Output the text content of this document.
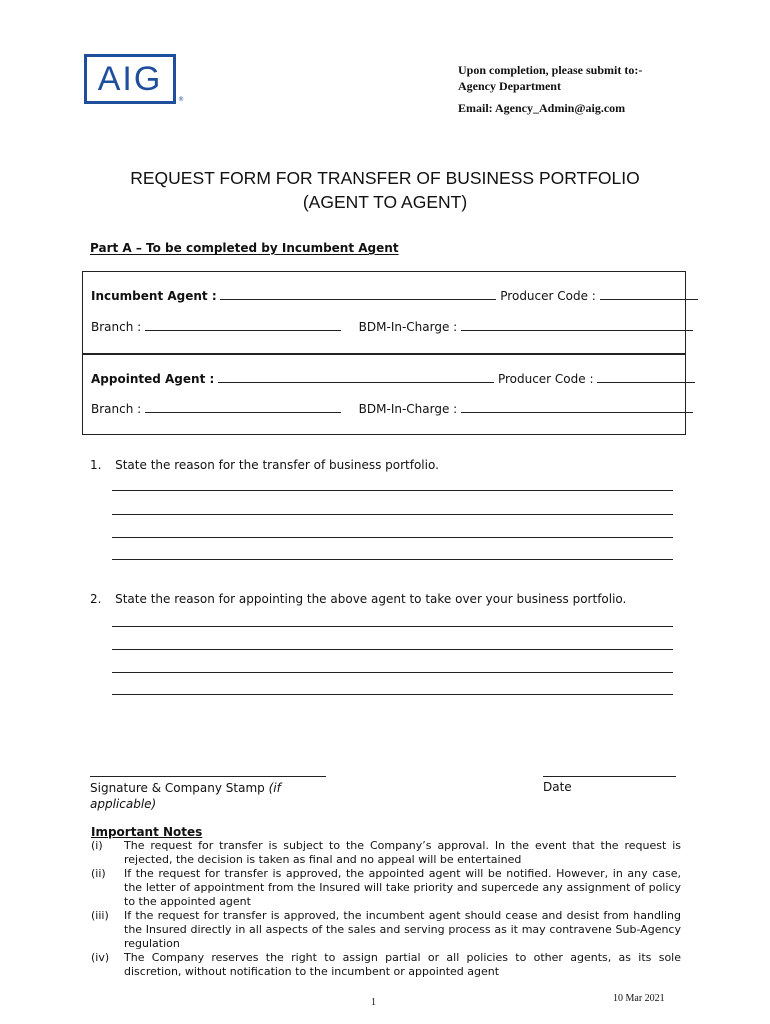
AIG
®
Upon completion, please submit to:-
Agency Department
Email: Agency_Admin@aig.com
REQUEST FORM FOR TRANSFER OF BUSINESS PORTFOLIO
(AGENT TO AGENT)
Part A – To be completed by Incumbent Agent
Incumbent Agent :	Producer Code :
Branch :	BDM-In-Charge :
Appointed Agent :	Producer Code :
Branch :	BDM-In-Charge :
1. State the reason for the transfer of business portfolio.
2. State the reason for appointing the above agent to take over your business portfolio.
Signature & Company Stamp (if applicable)
Date
Important Notes
(i)	The request for transfer is subject to the Company’s approval. In the event that the request is rejected, the decision is taken as final and no appeal will be entertained
(ii)	If the request for transfer is approved, the appointed agent will be notified. However, in any case, the letter of appointment from the Insured will take priority and supercede any assignment of policy to the appointed agent
(iii)	If the request for transfer is approved, the incumbent agent should cease and desist from handling the Insured directly in all aspects of the sales and serving process as it may contravene Sub-Agency regulation
(iv)	The Company reserves the right to assign partial or all policies to other agents, as its sole discretion, without notification to the incumbent or appointed agent
1	10 Mar 2021
